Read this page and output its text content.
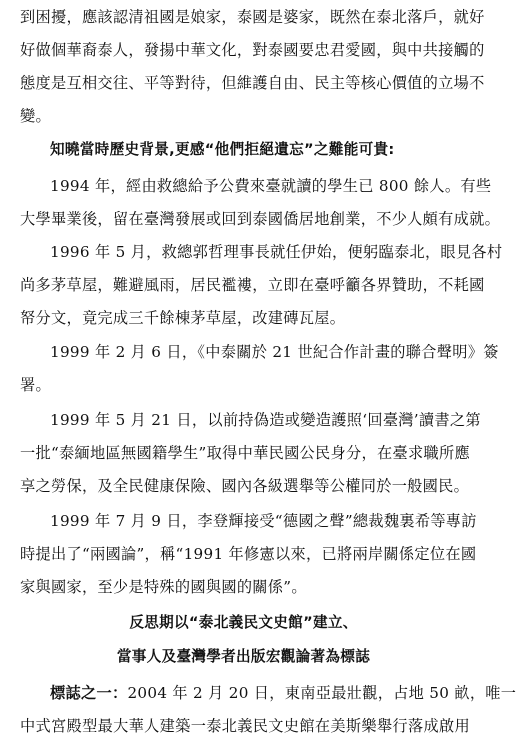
到困擾，應該認清祖國是娘家，泰國是婆家，既然在泰北落戶，就好
好做個華裔泰人，發揚中華文化，對泰國要忠君愛國，與中共接觸的
態度是互相交往、平等對待，但維護自由、民主等核心價值的立場不
變。
知曉當時歷史背景,更感“他們拒絕遺忘”之難能可貴:
1994 年，經由救總給予公費來臺就讀的學生已 800 餘人。有些
大學畢業後，留在臺灣發展或回到泰國僑居地創業，不少人頗有成就。
1996 年 5 月，救總郭哲理事長就任伊始，便躬臨泰北，眼見各村
尚多茅草屋，難避風雨，居民襤褸，立即在臺呼籲各界贊助，不耗國
帑分文，竟完成三千餘棟茅草屋，改建磚瓦屋。
1999 年 2 月 6 日，《中泰關於 21 世紀合作計畫的聯合聲明》簽
署。
1999 年 5 月 21 日，以前持偽造或變造護照‘回臺灣’讀書之第
一批“泰緬地區無國籍學生”取得中華民國公民身分，在臺求職所應
享之勞保，及全民健康保險、國內各級選舉等公權同於一般國民。
1999 年 7 月 9 日，李登輝接受“德國之聲”總裁魏裏希等專訪
時提出了“兩國論”，稱“1991 年修憲以來，已將兩岸關係定位在國
家與國家，至少是特殊的國與國的關係”。
反思期以“泰北義民文史館”建立、
當事人及臺灣學者出版宏觀論著為標誌
標誌之一：2004 年 2 月 20 日，東南亞最壯觀，占地 50 畝，唯一
中式宮殿型最大華人建築一泰北義民文史館在美斯樂舉行落成啟用
